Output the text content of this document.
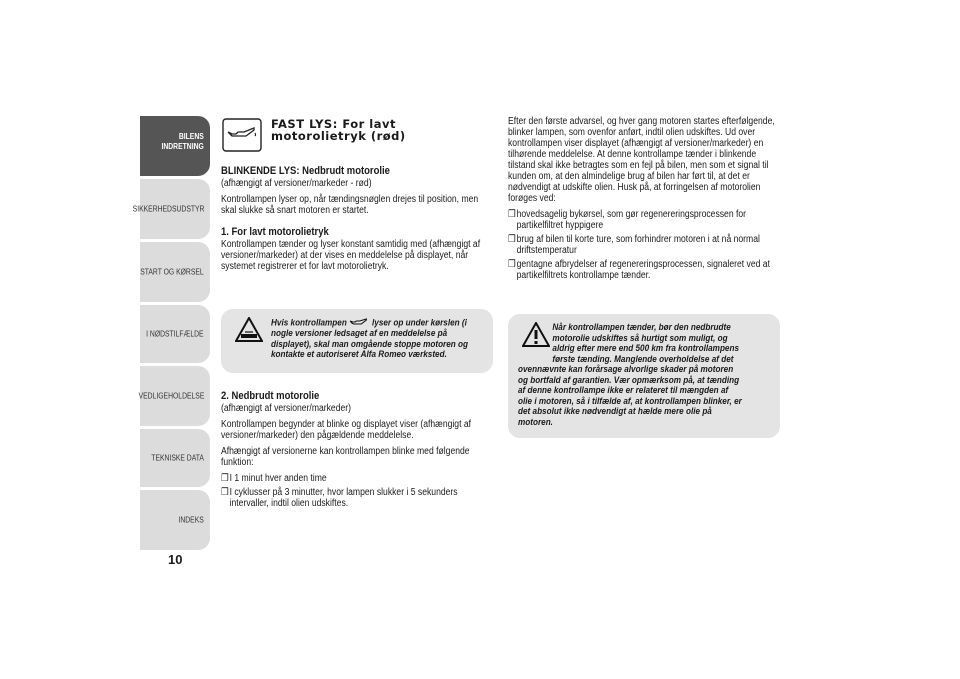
BILENS
INDRETNING
SIKKERHEDSUDSTYR
START OG KØRSEL
I NØDSTILFÆLDE
VEDLIGEHOLDELSE
TEKNISKE DATA
INDEKS
10
FAST LYS: For lavt
motorolietryk (rød)
BLINKENDE LYS: Nedbrudt motorolie

(afhængigt af versioner/markeder - rød)

Kontrollampen lyser op, når tændingsnøglen drejes til position, men skal slukke så snart motoren er startet.

1. For lavt motorolietryk

Kontrollampen tænder og lyser konstant samtidig med (afhængigt af versioner/markeder) at der vises en meddelelse på displayet, når systemet registrerer et for lavt motorolietryk.

Hvis kontrollampen	lyser op under kørslen (i nogle versioner ledsaget af en meddelelse på displayet), skal man omgående stoppe motoren og kontakte et autoriseret Alfa Romeo værksted.
2. Nedbrudt motorolie

(afhængigt af versioner/markeder)

Kontrollampen begynder at blinke og displayet viser (afhængigt af versioner/markeder) den pågældende meddelelse.

Afhængigt af versionerne kan kontrollampen blinke med følgende funktion:

❒ I 1 minut hver anden time
❒ I cyklusser på 3 minutter, hvor lampen slukker i 5 sekunders intervaller, indtil olien udskiftes.

Efter den første advarsel, og hver gang motoren startes efterfølgende, blinker lampen, som ovenfor anført, indtil olien udskiftes. Ud over kontrollampen viser displayet (afhængigt af versioner/markeder) en tilhørende meddelelse. At denne kontrollampe tænder i blinkende tilstand skal ikke betragtes som en fejl på bilen, men som et signal til kunden om, at den almindelige brug af bilen har ført til, at det er nødvendigt at udskifte olien. Husk på, at forringelsen af motorolien forøges ved:

❒ hovedsagelig bykørsel, som gør regenereringsprocessen for partikelfiltret hyppigere
❒ brug af bilen til korte ture, som forhindrer motoren i at nå normal driftstemperatur
❒ gentagne afbrydelser af regenereringsprocessen, signaleret ved at partikelfiltrets kontrollampe tænder.
Når kontrollampen tænder, bør den nedbrudte motorolie udskiftes så hurtigt som muligt, og aldrig efter mere end 500 km fra kontrollampens første tænding. Manglende overholdelse af det ovennævnte kan forårsage alvorlige skader på motoren og bortfald af garantien. Vær opmærksom på, at tænding af denne kontrollampe ikke er relateret til mængden af olie i motoren, så i tilfælde af, at kontrollampen blinker, er det absolut ikke nødvendigt at hælde mere olie på motoren.
